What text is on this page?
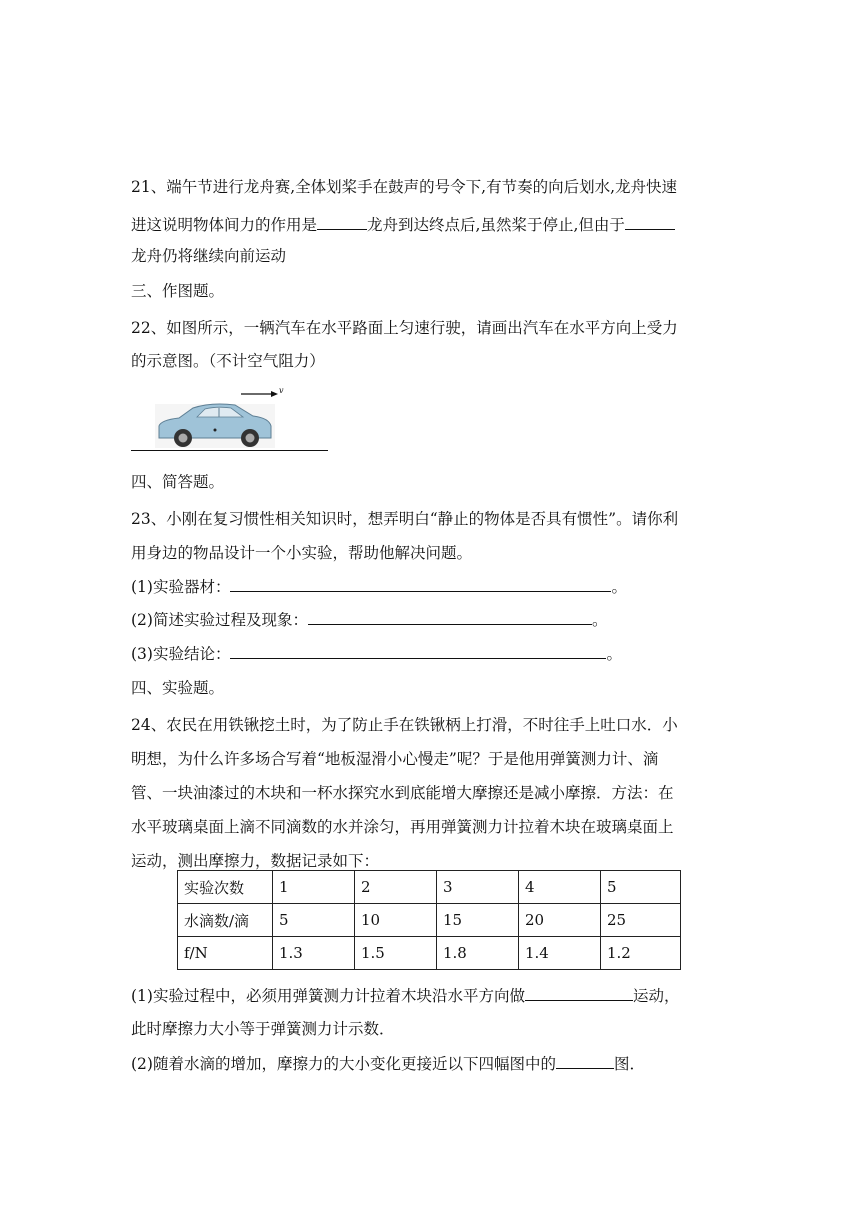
21、端午节进行龙舟赛,全体划桨手在鼓声的号令下,有节奏的向后划水,龙舟快速
进这说明物体间力的作用是	龙舟到达终点后,虽然桨于停止,但由于
龙舟仍将继续向前运动
三、作图题。
22、如图所示，一辆汽车在水平路面上匀速行驶，请画出汽车在水平方向上受力
的示意图。（不计空气阻力）
v
四、简答题。
23、小刚在复习惯性相关知识时，想弄明白“静止的物体是否具有惯性”。请你利
用身边的物品设计一个小实验，帮助他解决问题。
(1)实验器材：	。
(2)简述实验过程及现象：	。
(3)实验结论：	。
四、实验题。
24、农民在用铁锹挖土时，为了防止手在铁锹柄上打滑，不时往手上吐口水．小
明想，为什么许多场合写着“地板湿滑小心慢走”呢？于是他用弹簧测力计、滴
管、一块油漆过的木块和一杯水探究水到底能增大摩擦还是减小摩擦．方法：在
水平玻璃桌面上滴不同滴数的水并涂匀，再用弹簧测力计拉着木块在玻璃桌面上
运动，测出摩擦力，数据记录如下：
实验次数	1	2	3	4	5
水滴数/滴	5	10	15	20	25
f/N	1.3	1.5	1.8	1.4	1.2
(1)实验过程中，必须用弹簧测力计拉着木块沿水平方向做	运动，
此时摩擦力大小等于弹簧测力计示数．
(2)随着水滴的增加，摩擦力的大小变化更接近以下四幅图中的	图．
